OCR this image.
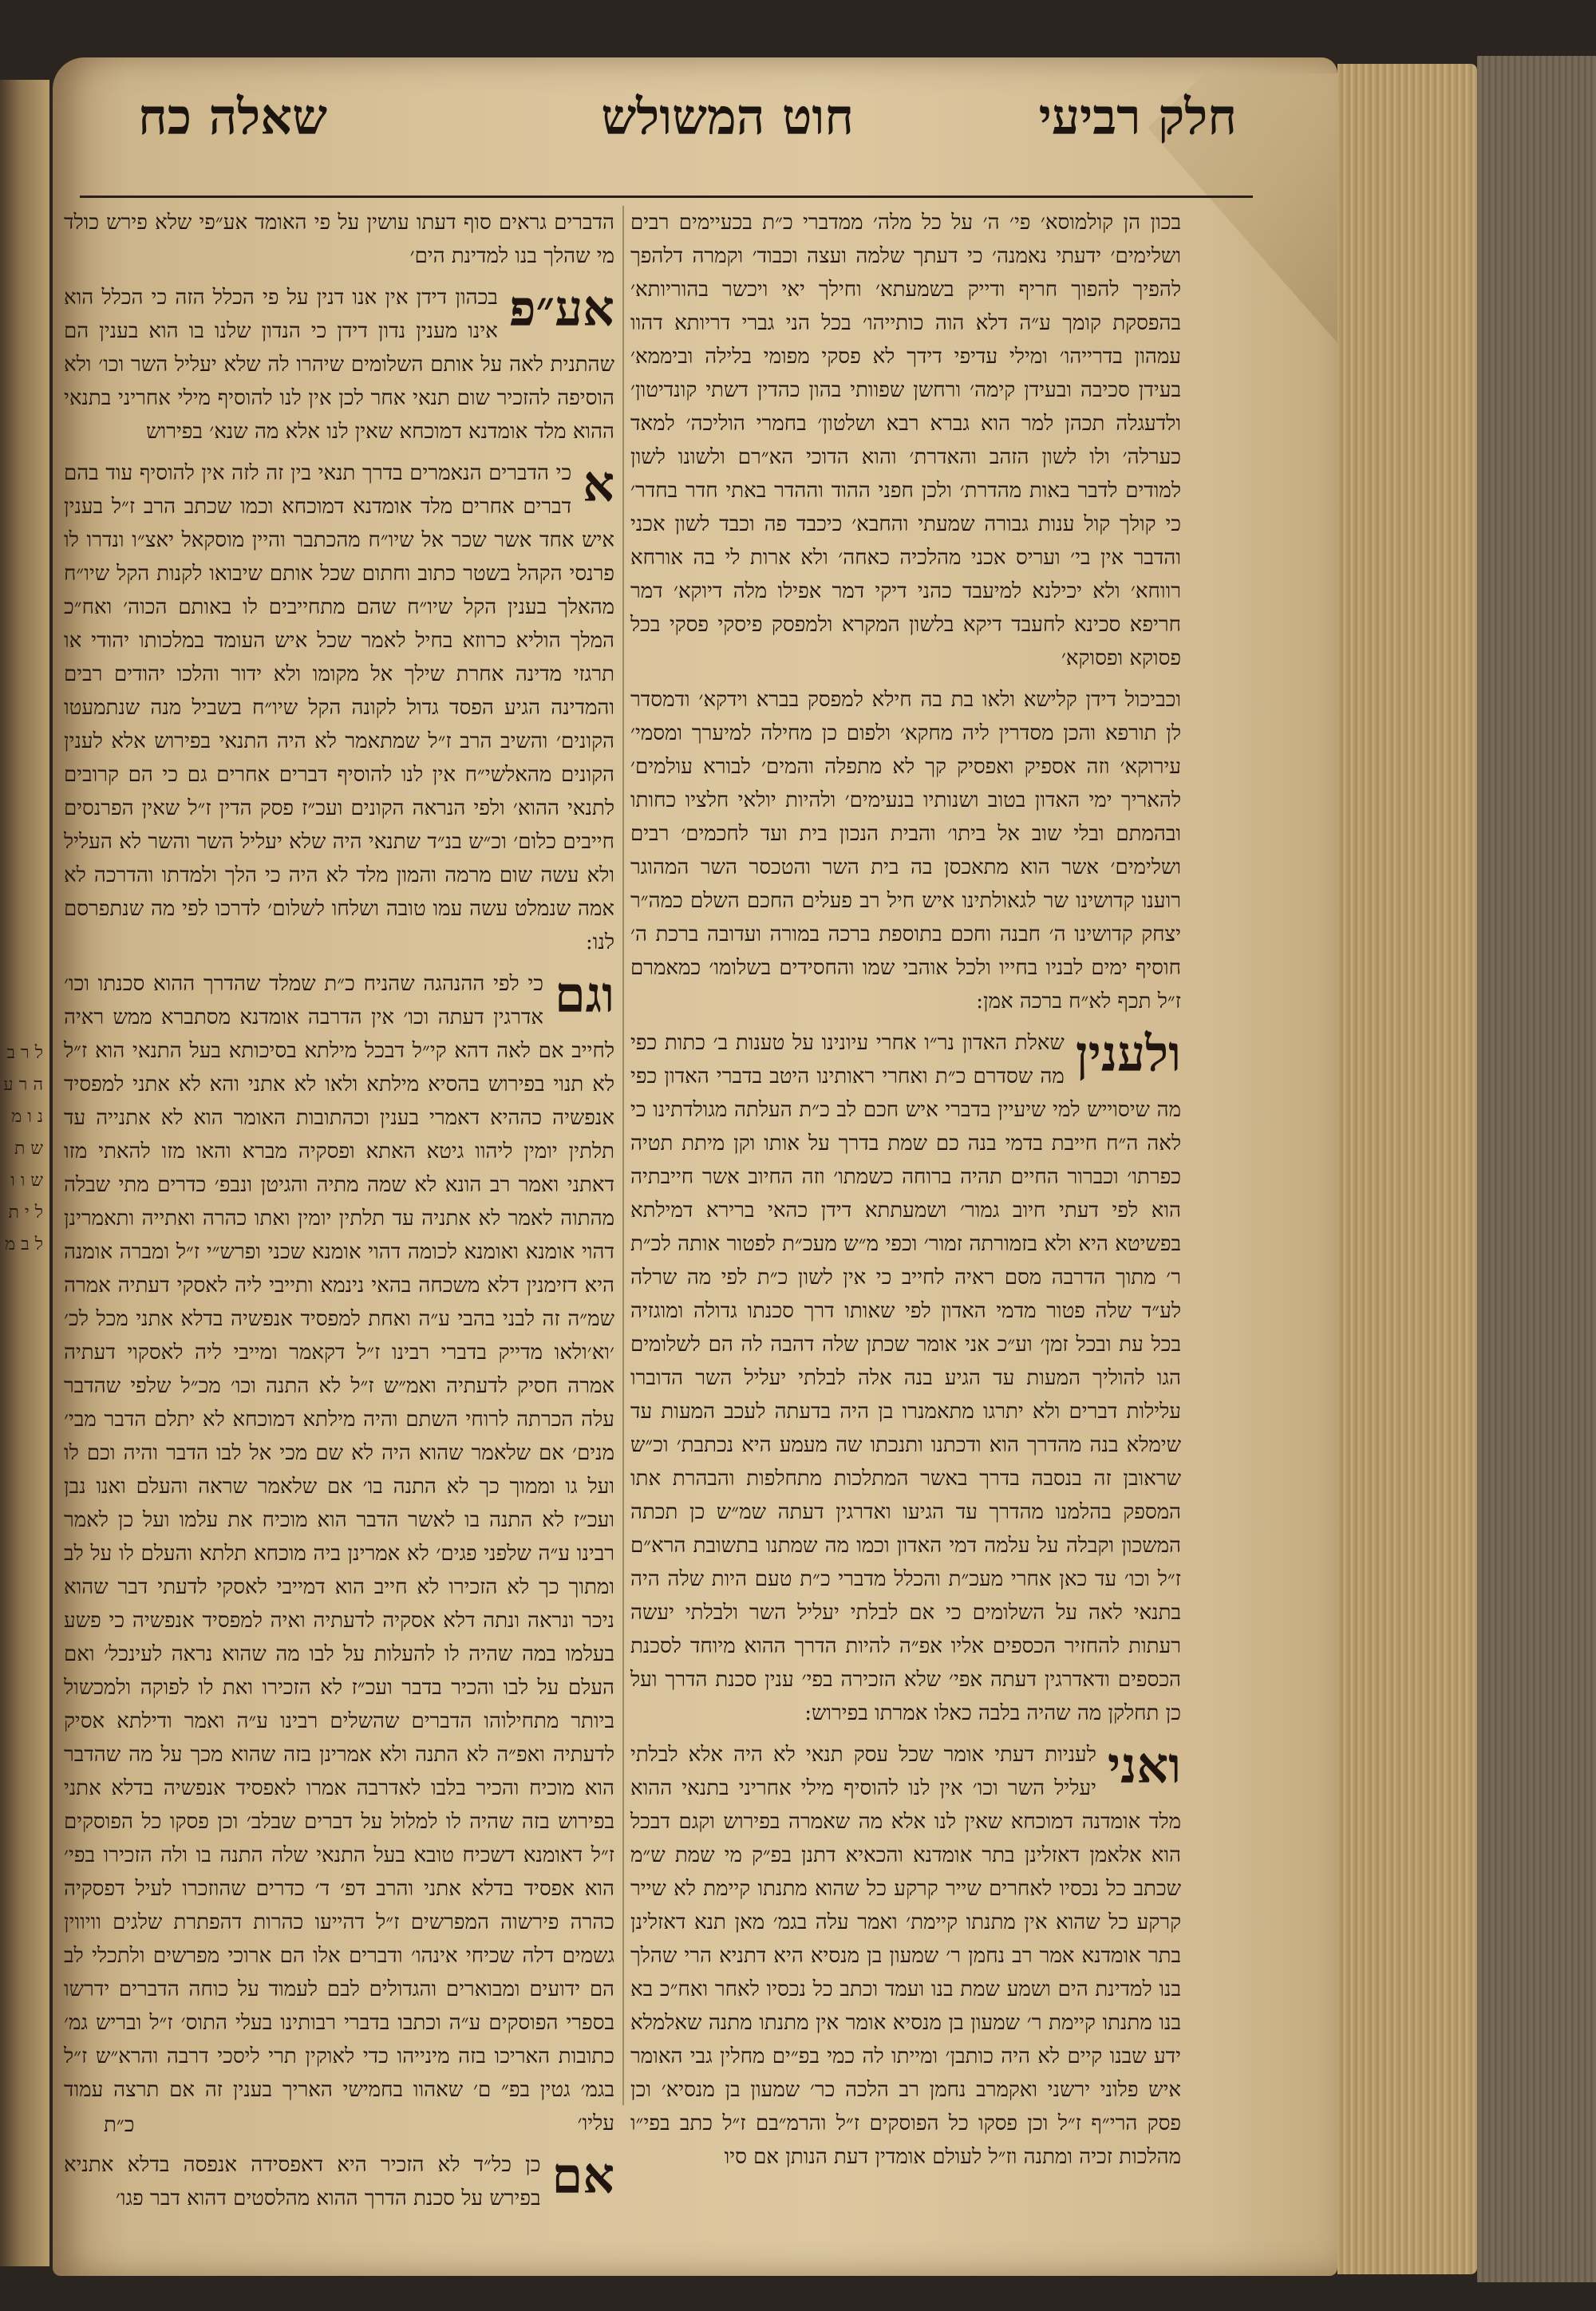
ל ר ב ה ר ע נ ו מ ש ת ש ו ו ל י ת ל ב מ
חלק רביעי
חוט המשולש
שאלה כח

בכון הן קולמוסא׳ פי׳ ה׳ על כל מלה׳ ממדברי כ״ת בכעיימים רבים ושלימים׳ ידעתי נאמנה׳ כי דעתך שלמה ועצה וכבוד׳ וקמרה דלהפך להפיך להפוך חריף ודייק בשמעתא׳ וחילך יאי ויכשר בהוריותא׳ בהפסקת קומך ע״ה דלא הוה כותייהו׳ בכל הני גברי דריותא דהוו עמהון בדרייהו׳ ומילי עדיפי דידך לא פסקי מפומי בלילה וביממא׳ בעידן סכיבה ובעידן קימה׳ ורחשן שפוותי בהון כהדין דשתי קונדיטון׳ ולדעגלה תכהן למר הוא גברא רבא ושלטון׳ בחמרי הוליכה׳ למאד כערלה׳ ולו לשון הזהב והאדרת׳ והוא הדוכי הא״רם ולשונו לשון למודים לדבר באות מהדרת׳ ולכן חפני ההוד וההדר באתי חדר בחדר׳ כי קולך קול ענות גבורה שמעתי והחבא׳ כיכבד פה וכבד לשון אכני והדבר אין בי׳ ועריס אכני מהלכיה כאחה׳ ולא ארות לי בה אורחא רווחא׳ ולא יכילנא למיעבד כהני דיקי דמר אפילו מלה דיוקא׳ דמר חריפא סכינא לחעבד דיקא בלשון המקרא ולמפסק פיסקי פסקי בכל פסוקא ופסוקא׳

וכביכול דידן קלישא ולאו בת בה חילא למפסק בברא וידקא׳ ודמסדר לן תורפא והכן מסדרין ליה מחקא׳ ולפום כן מחילה למיערך ומסמי׳ עירוקא׳ וזה אספיק ואפסיק קך לא מתפלה והמים׳ לבורא עולמים׳ להאריך ימי האדון בטוב ושנותיו בנעימים׳ ולהיות יולאי חלציו כחותו ובהמתם ובלי שוב אל ביתו׳ והבית הנכון בית ועד לחכמים׳ רבים ושלימים׳ אשר הוא מתאכסן בה בית השר והטכסר השר המהוגר רוענו קדושינו שר לגאולתינו איש חיל רב פעלים החכם השלם כמה״ר יצחק קדושינו ה׳ חבנה וחכם בתוספת ברכה במורה ועדובה ברכת ה׳ חוסיף ימים לבניו בחייו ולכל אוהבי שמו והחסידים בשלומו׳ כמאמרם ז״ל תכף לא״ח ברכה אמן:

ולענין
שאלת האדון נר״ו אחרי עיונינו על טענות ב׳ כתות כפי מה שסדרם כ״ת ואחרי ראותינו היטב בדברי האדון כפי מה שיסוייש למי שיעיין בדברי איש חכם לב כ״ת העלתה מגולדתינו כי לאה ה״ח חייבת בדמי בנה כם שמת בדרך על אותו וקן מיתת תטיה כפרתו׳ וכברור החיים תהיה ברוחה כשמתו׳ וזה החיוב אשר חייבתיה הוא לפי דעתי חיוב גמור׳ ושמעתתא דידן כהאי ברירא דמילתא בפשיטא היא ולא בזמורתה זמור׳ וכפי מ״ש מעכ״ת לפטור אותה לכ״ת ר׳ מתוך הדרבה מסם ראיה לחייב כי אין לשון כ״ת לפי מה שרלה לע״ד שלה פטור מדמי האדון לפי שאותו דרך סכנתו גדולה ומוגזיה בכל עת ובכל זמן׳ וע״כ אני אומר שכתן שלה דהבה לה הם לשלומים הגו להוליך המעות עד הגיע בנה אלה לבלתי יעליל השר הדוברו עלילות דברים ולא יתרגו מתאמנרו בן היה בדעתה לעכב המעות עד שימלא בנה מהדרך הוא ודכתנו ותנכתו שה מעמע היא נכתבת׳ וכ״ש שראובן זה בנסבה בדרך באשר המתלכות מתחלפות והבהרת אתו המספק בהלמנו מהדרך עד הגיעו ואדרגין דעתה שמ״ש כן תכתה המשכון וקבלה על עלמה דמי האדון וכמו מה שמתנו בתשובת הרא״ם ז״ל וכו׳ עד כאן אחרי מעכ״ת והכלל מדברי כ״ת טעם היות שלה היה בתנאי לאה על השלומים כי אם לבלתי יעליל השר ולבלתי יעשה רעתות להחזיר הכספים אליו אפ״ה להיות הדרך ההוא מיוחד לסכנת הכספים ודאדרגין דעתה אפי׳ שלא הזכירה בפי׳ ענין סכנת הדרך ועל כן תחלקן מה שהיה בלבה כאלו אמרתו בפירוש:

ואני
לעניות דעתי אומר שכל עסק תנאי לא היה אלא לבלתי יעליל השר וכו׳ אין לנו להוסיף מילי אחריני בתנאי ההוא מלד אומדנה דמוכחא שאין לנו אלא מה שאמרה בפירוש וקגם דבכל הוא אלאמן דאזלינן בתר אומדנא והכאיא דתנן בפ״ק מי שמת ש״מ שכתב כל נכסיו לאחרים שייר קרקע כל שהוא מתנתו קיימת לא שייר קרקע כל שהוא אין מתנתו קיימת׳ ואמר עלה בגמ׳ מאן תנא דאזלינן בתר אומדנא אמר רב נחמן ר׳ שמעון בן מנסיא היא דתניא הרי שהלך בנו למדינת הים ושמע שמת בנו ועמד וכתב כל נכסיו לאחר ואח״כ בא בנו מתנתו קיימת ר׳ שמעון בן מנסיא אומר אין מתנתו מתנה שאלמלא ידע שבנו קיים לא היה כותבן׳ ומייתו לה כמי בפ״ים מחלין גבי האומר איש פלוני ירשני ואקמרב נחמן רב הלכה כר׳ שמעון בן מנסיא׳ וכן פסק הרי״ף ז״ל וכן פסקו כל הפוסקים ז״ל והרמ״בם ז״ל כתב בפי״ו מהלכות זכיה ומתנה וז״ל לעולם אומדין דעת הנותן אם סיו

הדברים גראים סוף דעתו עושין על פי האומד אע״פי שלא פירש כולד מי שהלך בנו למדינת הים׳

אע״פ
בכהון דידן אין אנו דנין על פי הכלל הזה כי הכלל הוא אינו מענין נדון דידן כי הנדון שלנו בו הוא בענין הם שהתנית לאה על אותם השלומים שיהרו לה שלא יעליל השר וכו׳ ולא הוסיפה להזכיר שום תנאי אחר לכן אין לנו להוסיף מילי אחריני בתנאי ההוא מלד אומדנא דמוכחא שאין לנו אלא מה שנא׳ בפירוש

א
כי הדברים הנאמרים בדרך תנאי בין זה לזה אין להוסיף עוד בהם דברים אחרים מלד אומדנא דמוכחא וכמו שכתב הרב ז״ל בענין איש אחד אשר שכר אל שיו״ח מהכתבר והיין מוסקאל יאצ״ו ונדרו לו פרנסי הקהל בשטר כתוב וחתום שכל אותם שיבואו לקנות הקל שיו״ח מהאלך בענין הקל שיו״ח שהם מתחייבים לו באותם הכוה׳ ואח״כ המלך הוליא כרוזא בחיל לאמר שכל איש העומד במלכותו יהודי או תרגזי מדינה אחרת שילך אל מקומו ולא ידור והלכו יהודים רבים והמדינה הגיע הפסד גדול לקונה הקל שיו״ח בשביל מנה שנתמעטו הקונים׳ והשיב הרב ז״ל שמתאמר לא היה התנאי בפירוש אלא לענין הקונים מהאלשי״ח אין לנו להוסיף דברים אחרים גם כי הם קרובים לתנאי ההוא׳ ולפי הנראה הקונים ועכ״ז פסק הדין ז״ל שאין הפרנסים חייבים כלום׳ וכ״ש בנ״ד שתנאי היה שלא יעליל השר והשר לא העליל ולא עשה שום מרמה והמון מלד לא היה כי הלך ולמדתו והדרכה לא אמה שנמלט עשה עמו טובה ושלחו לשלום׳ לדרכו לפי מה שנתפרסם לנו:

וגם
כי לפי ההנהגה שהניח כ״ת שמלד שהדרך ההוא סכנתו וכו׳ אדרגין דעתה וכו׳ אין הדרבה אומדנא מסתברא ממש ראיה לחייב אם לאה דהא קי״ל דבכל מילתא בסיכותא בעל התנאי הוא ז״ל לא תנוי בפירוש בהסיא מילתא ולאו לא אתני והא לא אתני למפסיד אנפשיה כההיא דאמרי בענין וכהתובות האומר הוא לא אתנייה עד תלתין יומין ליהוו גיטא האתא ופסקיה מברא והאו מזו להאתי מזו דאתני ואמר רב הונא לא שמה מתיה והגיטן ונבפ׳ כדרים מתי שבלה מהתוה לאמר לא אתניה עד תלתין יומין ואתו כהרה ואתייה ותאמרינן דהוי אומנא ואומנא לכומה דהוי אומנא שכני ופרש״י ז״ל ומברה אומנה היא דזימנין דלא משכחה בהאי נינמא ותייבי ליה לאסקי דעתיה אמרה שמ״ה זה לבני בהבי ע״ה ואחת למפסיד אנפשיה בדלא אתני מכל לכ׳ ׳וא׳ולאו מדייק בדברי רבינו ז״ל דקאמר ומייבי ליה לאסקוי דעתיה אמרה חסיק לדעתיה ואמ״ש ז״ל לא התנה וכו׳ מכ״ל שלפי שהדבר עלה הכרתה לרוחי השתם והיה מילתא דמוכחא לא יתלם הדבר מבי׳ מנים׳ אם שלאמר שהוא היה לא שם מכי אל לבו הדבר והיה וכם לו ועל גו וממוך כך לא התנה בו׳ אם שלאמר שראה והעלם ואנו נבן ועכ״ז לא התנה בו לאשר הדבר הוא מוכיח את עלמו ועל כן לאמר רבינו ע״ה שלפני פגים׳ לא אמרינן ביה מוכחא תלתא והעלם לו על לב ומתוך כך לא הזכירו לא חייב הוא דמייבי לאסקי לדעתי דבר שהוא ניכר ונראה ונתה דלא אסקיה לדעתיה ואיה למפסיד אנפשיה כי פשע בעלמו במה שהיה לו להעלות על לבו מה שהוא נראה לעינכל׳ ואם העלם על לבו והכיר בדבר ועכ״ז לא הזכירו ואת לו לפוקה ולמכשול ביותר מתחילוהו הדברים שהשלים רבינו ע״ה ואמר ודילתא אסיק לדעתיה ואפ״ה לא התנה ולא אמרינן בזה שהוא מכך על מה שהדבר הוא מוכיח והכיר בלבו לאדרבה אמרו לאפסיד אנפשיה בדלא אתני בפירוש בזה שהיה לו למלול על דברים שבלב׳ וכן פסקו כל הפוסקים ז״ל דאומנא דשכיח טובא בעל התנאי שלה התנה בו ולה הזכירו בפי׳ הוא אפסיד בדלא אתני והרב דפ׳ ד׳ כדרים שהוזכרו לעיל דפסקיה כהרה פירשוה המפרשים ז״ל דהייעו כהרות דהפתרת שלגים וויווין גשמים דלה שכיחי אינהו׳ ודברים אלו הם ארוכי מפרשים ולתכלי לב הם ידועים ומבוארים והגדולים לבם לעמוד על כוחה הדברים ידרשו בספרי הפוסקים ע״ה וכתבו בדברי רבותינו בעלי התוס׳ ז״ל ובריש גמ׳ כתובות האריכו בזה מינייהו כדי לאוקין תרי ליסכי דרבה והרא״ש ז״ל בגמ׳ גטין בפ״ ם׳ שאהוו בחמישי האריך בענין זה אם תרצה עמוד עליו׳

אם
כן כל״ד לא הזכיר היא דאפסידה אנפסה בדלא אתניא בפירש על סכנת הדרך ההוא מהלסטים דהוא דבר פגו׳

כ״ת
